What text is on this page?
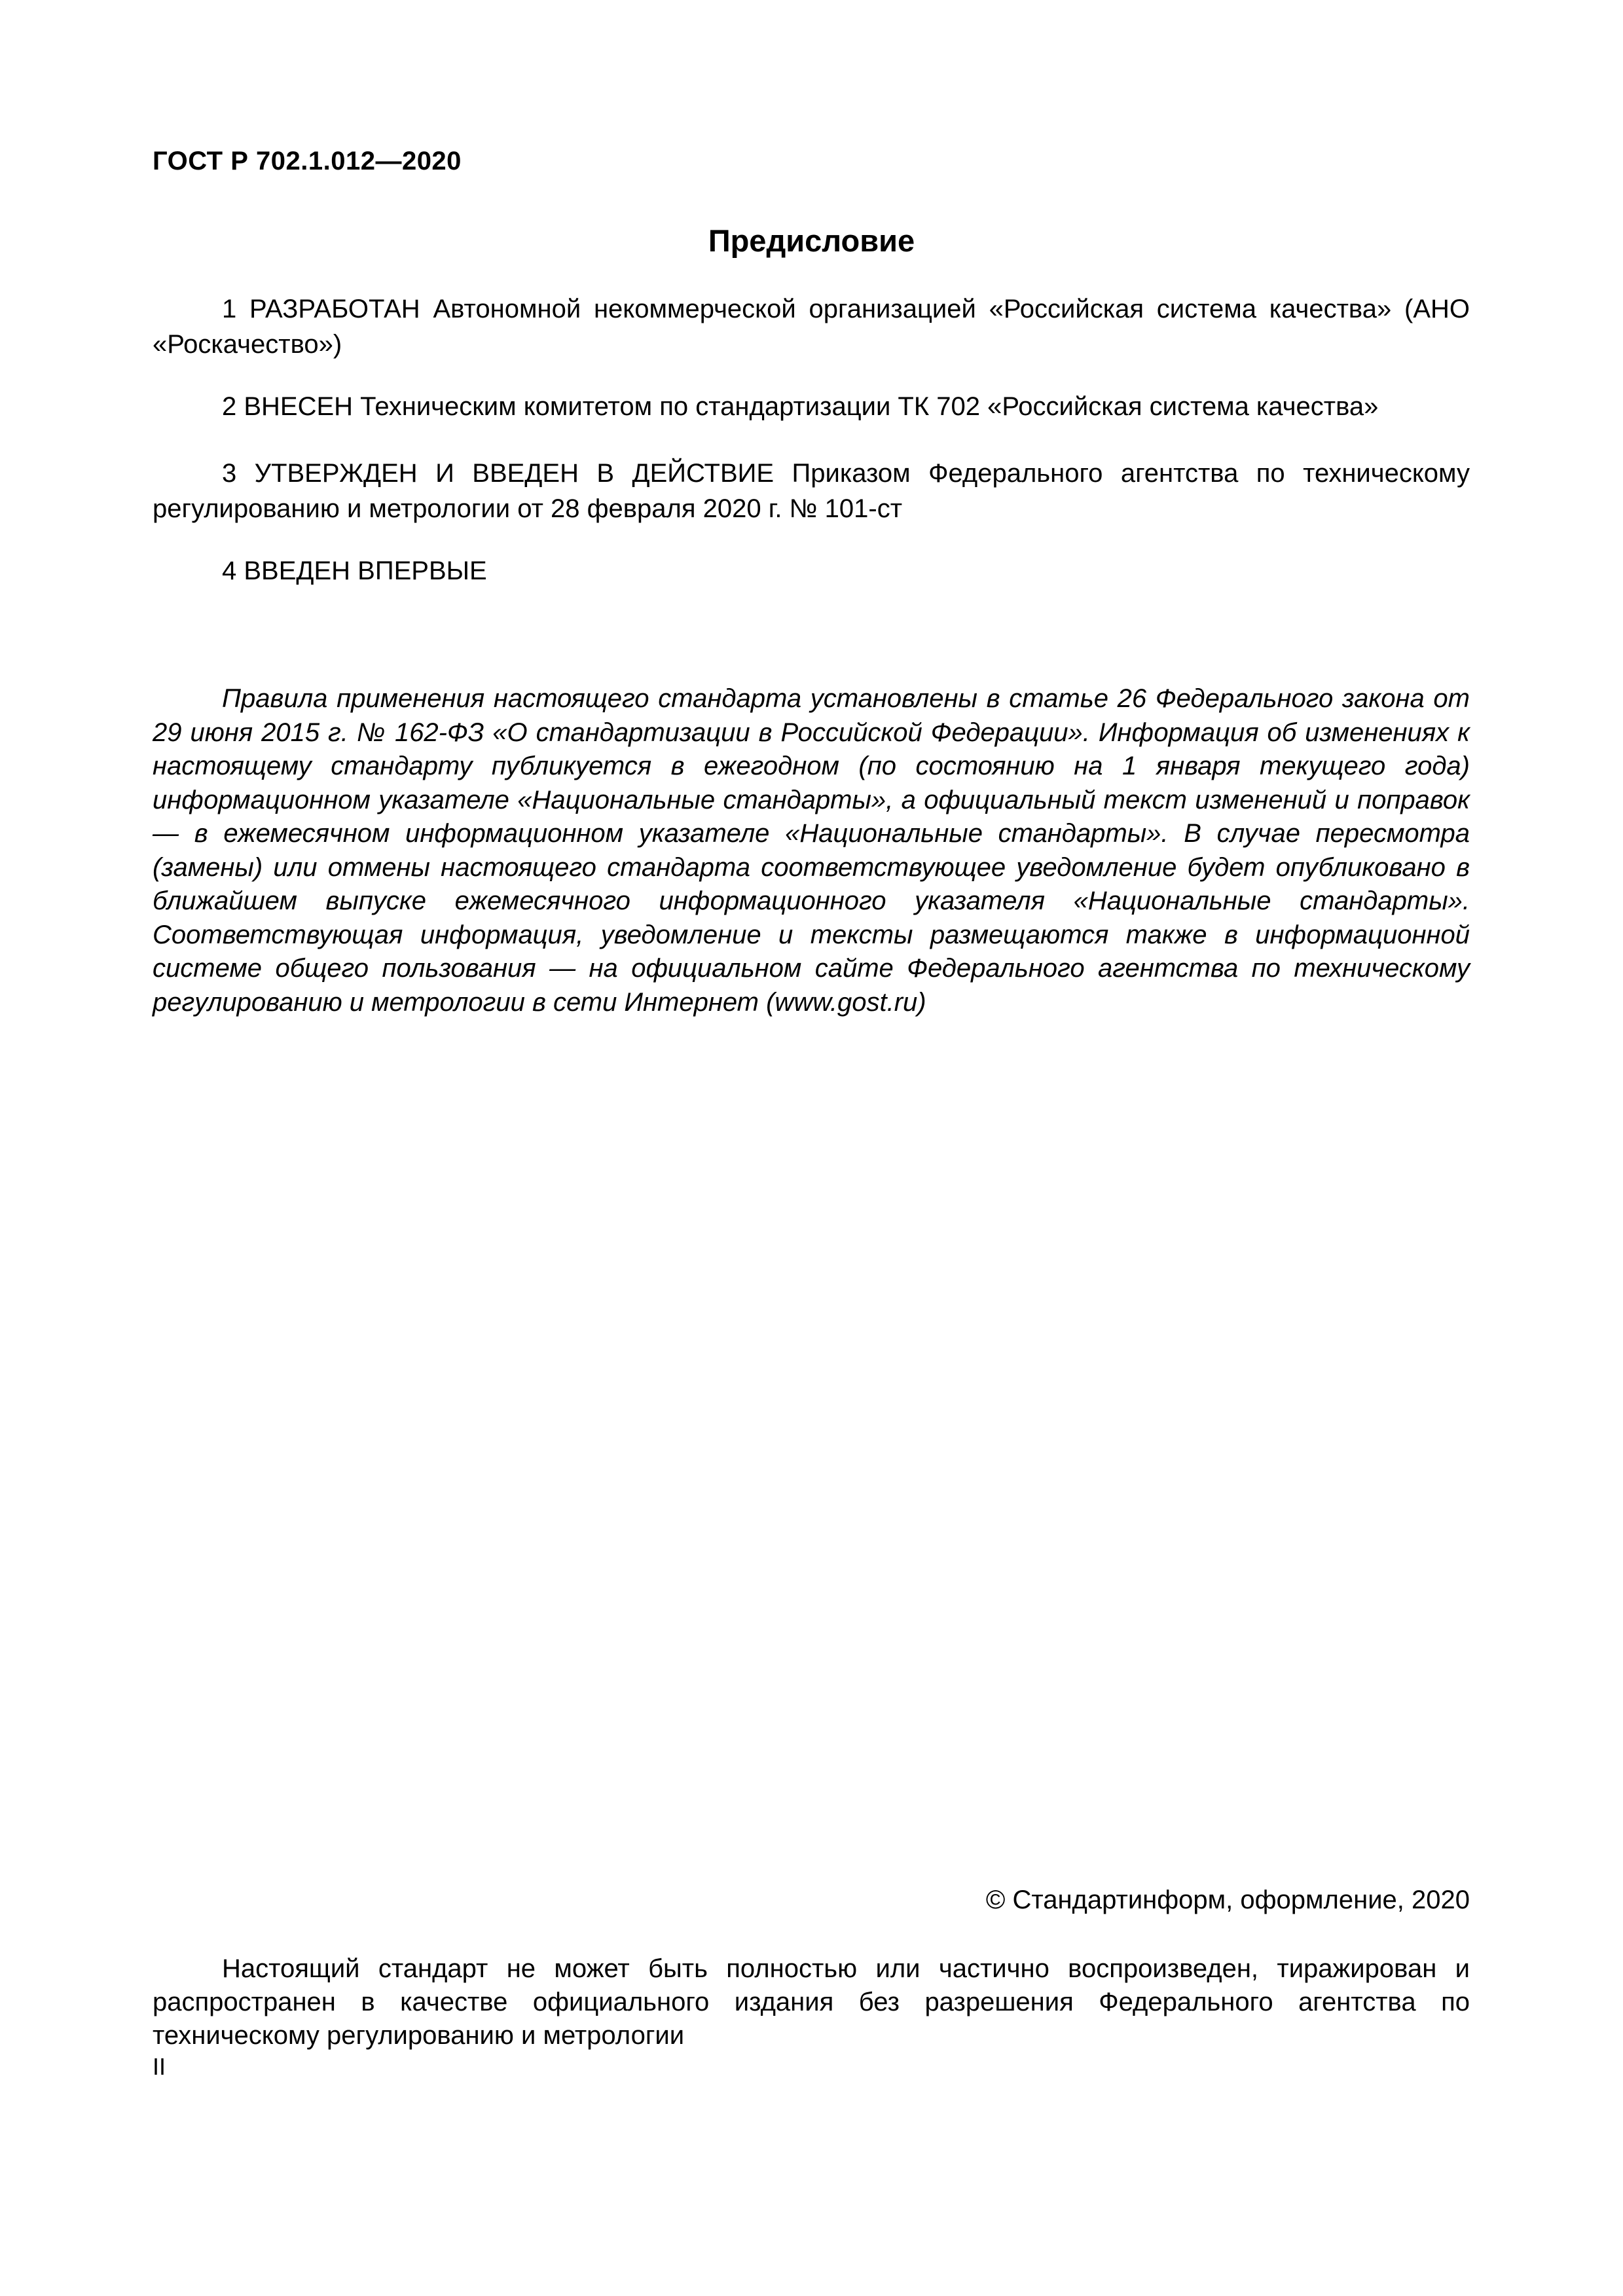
ГОСТ Р 702.1.012—2020
Предисловие
1 РАЗРАБОТАН Автономной некоммерческой организацией «Российская система качества» (АНО «Роскачество»)
2 ВНЕСЕН Техническим комитетом по стандартизации ТК 702 «Российская система качества»
3 УТВЕРЖДЕН И ВВЕДЕН В ДЕЙСТВИЕ Приказом Федерального агентства по техническому регулированию и метрологии от 28 февраля 2020 г. № 101-ст
4 ВВЕДЕН ВПЕРВЫЕ
Правила применения настоящего стандарта установлены в статье 26 Федерального закона от 29 июня 2015 г. № 162-ФЗ «О стандартизации в Российской Федерации». Информация об изменениях к настоящему стандарту публикуется в ежегодном (по состоянию на 1 января текущего года) информационном указателе «Национальные стандарты», а официальный текст изменений и поправок — в ежемесячном информационном указателе «Национальные стандарты». В случае пересмотра (замены) или отмены настоящего стандарта соответствующее уведомление будет опубликовано в ближайшем выпуске ежемесячного информационного указателя «Национальные стандарты». Соответствующая информация, уведомление и тексты размещаются также в информационной системе общего пользования — на официальном сайте Федерального агентства по техническому регулированию и метрологии в сети Интернет (www.gost.ru)
© Стандартинформ, оформление, 2020
Настоящий стандарт не может быть полностью или частично воспроизведен, тиражирован и распространен в качестве официального издания без разрешения Федерального агентства по техническому регулированию и метрологии
II
